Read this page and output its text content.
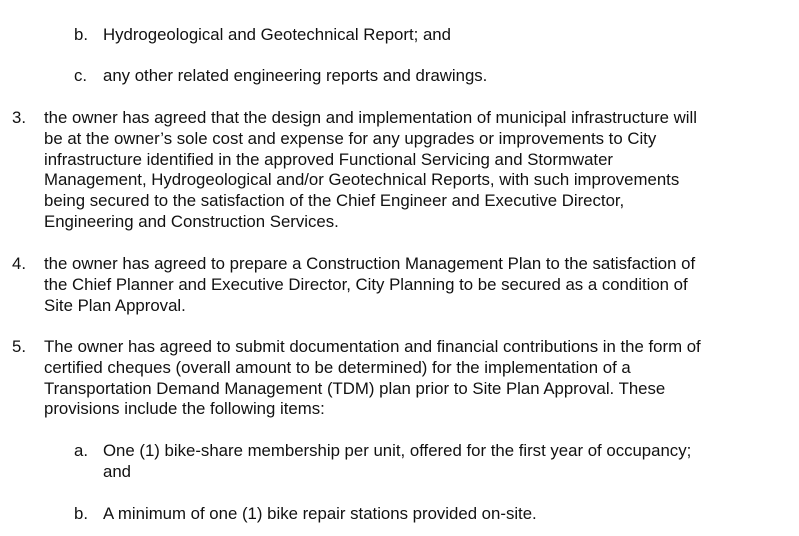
b. Hydrogeological and Geotechnical Report; and
c. any other related engineering reports and drawings.
3. the owner has agreed that the design and implementation of municipal infrastructure will
be at the owner’s sole cost and expense for any upgrades or improvements to City
infrastructure identified in the approved Functional Servicing and Stormwater
Management, Hydrogeological and/or Geotechnical Reports, with such improvements
being secured to the satisfaction of the Chief Engineer and Executive Director,
Engineering and Construction Services.
4. the owner has agreed to prepare a Construction Management Plan to the satisfaction of
the Chief Planner and Executive Director, City Planning to be secured as a condition of
Site Plan Approval.
5. The owner has agreed to submit documentation and financial contributions in the form of
certified cheques (overall amount to be determined) for the implementation of a
Transportation Demand Management (TDM) plan prior to Site Plan Approval. These
provisions include the following items:
a. One (1) bike-share membership per unit, offered for the first year of occupancy;
and
b. A minimum of one (1) bike repair stations provided on-site.
